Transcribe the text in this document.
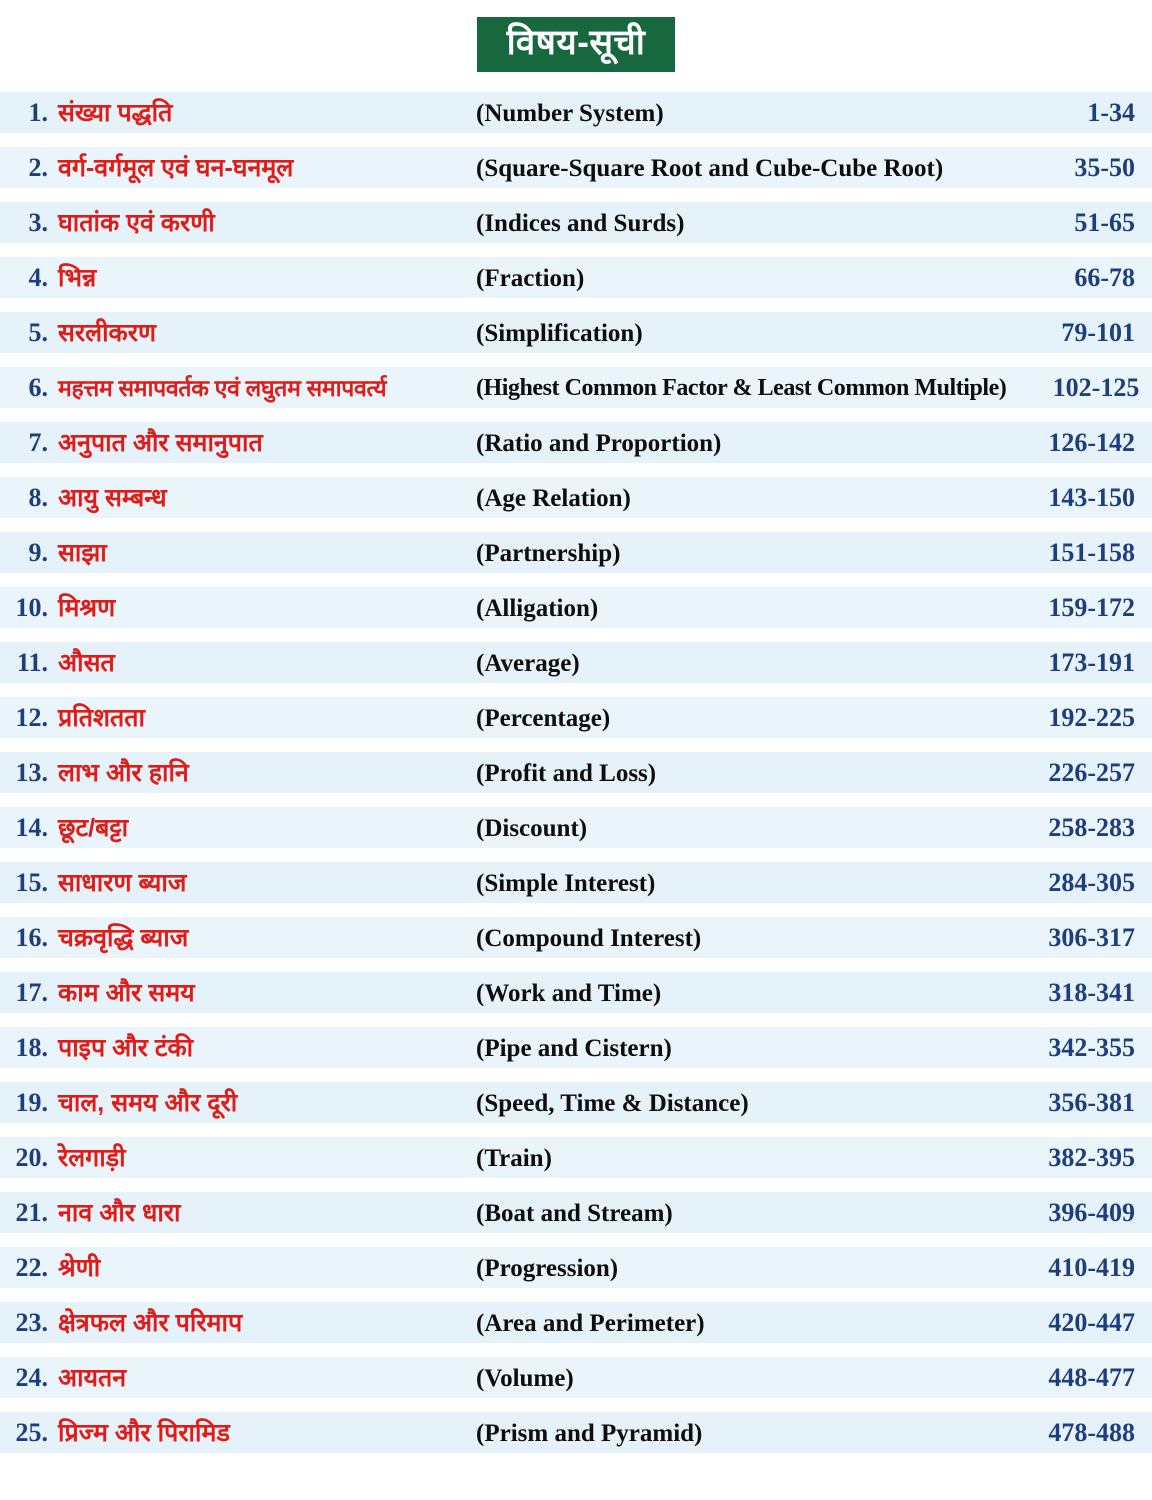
विषय-सूची
1. संख्या पद्धति	(Number System)	1-34
2. वर्ग-वर्गमूल एवं घन-घनमूल	(Square-Square Root and Cube-Cube Root)	35-50
3. घातांक एवं करणी	(Indices and Surds)	51-65
4. भिन्न	(Fraction)	66-78
5. सरलीकरण	(Simplification)	79-101
6. महत्तम समापवर्तक एवं लघुतम समापवर्त्य	(Highest Common Factor & Least Common Multiple)	102-125
7. अनुपात और समानुपात	(Ratio and Proportion)	126-142
8. आयु सम्बन्ध	(Age Relation)	143-150
9. साझा	(Partnership)	151-158
10. मिश्रण	(Alligation)	159-172
11. औसत	(Average)	173-191
12. प्रतिशतता	(Percentage)	192-225
13. लाभ और हानि	(Profit and Loss)	226-257
14. छूट/बट्टा	(Discount)	258-283
15. साधारण ब्याज	(Simple Interest)	284-305
16. चक्रवृद्धि ब्याज	(Compound Interest)	306-317
17. काम और समय	(Work and Time)	318-341
18. पाइप और टंकी	(Pipe and Cistern)	342-355
19. चाल, समय और दूरी	(Speed, Time & Distance)	356-381
20. रेलगाड़ी	(Train)	382-395
21. नाव और धारा	(Boat and Stream)	396-409
22. श्रेणी	(Progression)	410-419
23. क्षेत्रफल और परिमाप	(Area and Perimeter)	420-447
24. आयतन	(Volume)	448-477
25. प्रिज्म और पिरामिड	(Prism and Pyramid)	478-488
